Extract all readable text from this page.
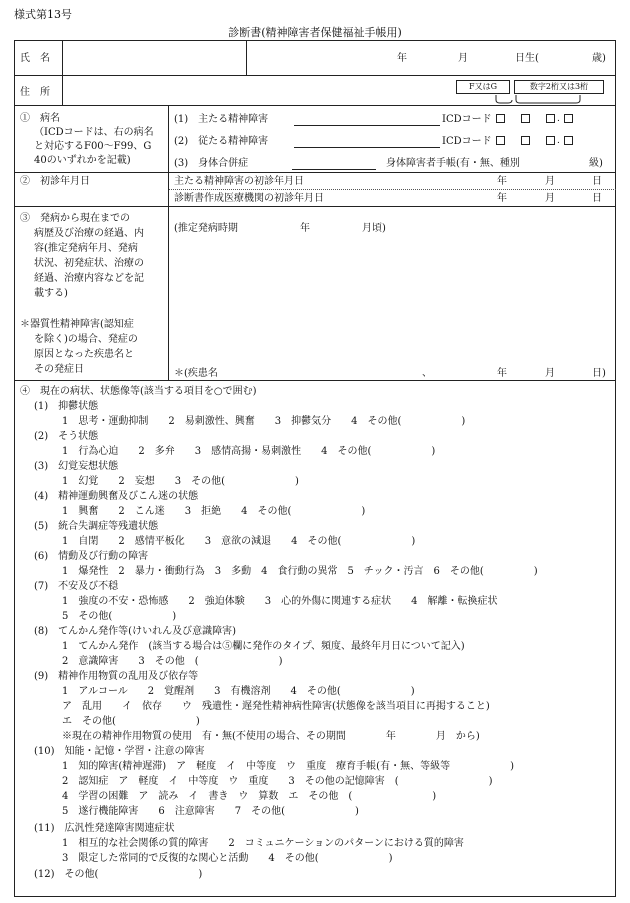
様式第13号
診断書(精神障害者保健福祉手帳用)
氏　名	年	月	日生(	歳)
住　所
F又はG	数字2桁又は3桁
①　病名
（ICDコードは、右の病名
と対応するF00～F99、G
40のいずれかを記載)
(1)　主たる精神障害	ICDコード	.
(2)　従たる精神障害	ICDコード	.
(3)　身体合併症	身体障害者手帳(有・無、種別	級)
②　初診年月日	主たる精神障害の初診年月日	年	月	日
診断書作成医療機関の初診年月日	年	月	日
③　発病から現在までの
病歴及び治療の経過、内
容(推定発病年月、発病
状況、初発症状、治療の
経過、治療内容などを記
載する)
＊器質性精神障害(認知症
を除く)の場合、発症の
原因となった疾患名と
その発症日
(推定発病時期	年	月頃)
＊(疾患名	、	年	月	日)
④　現在の病状、状態像等(該当する項目を○で囲む)
(1)　抑鬱状態
1　思考・運動抑制　　2　易刺激性、興奮　　3　抑鬱気分　　4　その他(　　　　　　)
(2)　そう状態
1　行為心迫　　2　多弁　　3　感情高揚・易刺激性　　4　その他(　　　　　　)
(3)　幻覚妄想状態
1　幻覚　　2　妄想　　3　その他(　　　　　　　)
(4)　精神運動興奮及びこん迷の状態
1　興奮　　2　こん迷　　3　拒絶　　4　その他(　　　　　　　)
(5)　統合失調症等残遺状態
1　自閉　　2　感情平板化　　3　意欲の減退　　4　その他(　　　　　　　)
(6)　情動及び行動の障害
1　爆発性　2　暴力・衝動行為　3　多動　4　食行動の異常　5　チック・汚言　6　その他(　　　　　)
(7)　不安及び不穏
1　強度の不安・恐怖感　　2　強迫体験　　3　心的外傷に関連する症状　　4　解離・転換症状
5　その他(　　　　　　)
(8)　てんかん発作等(けいれん及び意識障害)
1　てんかん発作　(該当する場合は⑤欄に発作のタイプ、頻度、最終年月日について記入)
2　意識障害　　3　その他　(　　　　　　　　)
(9)　精神作用物質の乱用及び依存等
1　アルコール　　2　覚醒剤　　3　有機溶剤　　4　その他(　　　　　　　)
ア　乱用　　イ　依存　　ウ　残遺性・遅発性精神病性障害(状態像を該当項目に再掲すること)
エ　その他(　　　　　　　　)
※現在の精神作用物質の使用　有・無(不使用の場合、その期間　　　　年　　　　月　から)
(10)　知能・記憶・学習・注意の障害
1　知的障害(精神遅滞)　ア　軽度　イ　中等度　ウ　重度　療育手帳(有・無、等級等　　　　　　)
2　認知症　ア　軽度　イ　中等度　ウ　重度　　3　その他の記憶障害　(　　　　　　　　　)
4　学習の困難　ア　読み　イ　書き　ウ　算数　エ　その他　(　　　　　　　　)
5　遂行機能障害　　6　注意障害　　7　その他(　　　　　　　)
(11)　広汎性発達障害関連症状
1　相互的な社会関係の質的障害　　2　コミュニケーションのパターンにおける質的障害
3　限定した常同的で反復的な関心と活動　　4　その他(　　　　　　　)
(12)　その他(　　　　　　　　　　)
